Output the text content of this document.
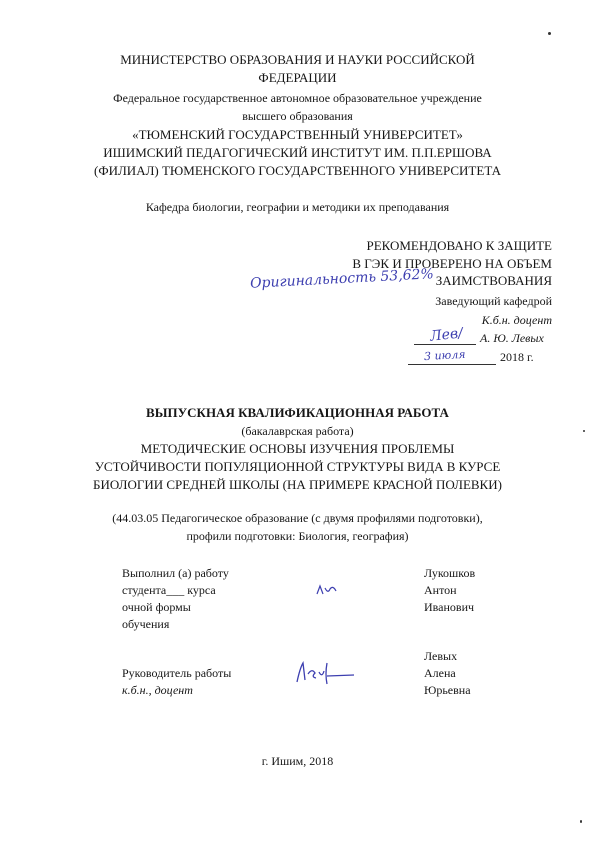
МИНИСТЕРСТВО ОБРАЗОВАНИЯ И НАУКИ РОССИЙСКОЙ
ФЕДЕРАЦИИ
Федеральное государственное автономное образовательное учреждение
высшего образования
«ТЮМЕНСКИЙ ГОСУДАРСТВЕННЫЙ УНИВЕРСИТЕТ»
ИШИМСКИЙ ПЕДАГОГИЧЕСКИЙ ИНСТИТУТ ИМ. П.П.ЕРШОВА
(ФИЛИАЛ) ТЮМЕНСКОГО ГОСУДАРСТВЕННОГО УНИВЕРСИТЕТА
Кафедра биологии, географии и методики их преподавания
РЕКОМЕНДОВАНО К ЗАЩИТЕ
В ГЭК И ПРОВЕРЕНО НА ОБЪЕМ
ЗАИМСТВОВАНИЯ
Оригинальность 53,62%
Заведующий кафедрой
К.б.н. доцент
Лев/ А. Ю. Левых
3 июля	2018 г.
ВЫПУСКНАЯ КВАЛИФИКАЦИОННАЯ РАБОТА
(бакалаврская работа)
МЕТОДИЧЕСКИЕ ОСНОВЫ ИЗУЧЕНИЯ ПРОБЛЕМЫ
УСТОЙЧИВОСТИ ПОПУЛЯЦИОННОЙ СТРУКТУРЫ ВИДА В КУРСЕ
БИОЛОГИИ СРЕДНЕЙ ШКОЛЫ (НА ПРИМЕРЕ КРАСНОЙ ПОЛЕВКИ)
(44.03.05 Педагогическое образование (с двумя профилями подготовки),
профили подготовки: Биология, география)
Выполнил (а) работу
студента___ курса
очной формы
обучения
Лукошков
Антон
Иванович
Левых
Алена
Юрьевна
Руководитель работы
к.б.н., доцент
г. Ишим, 2018
